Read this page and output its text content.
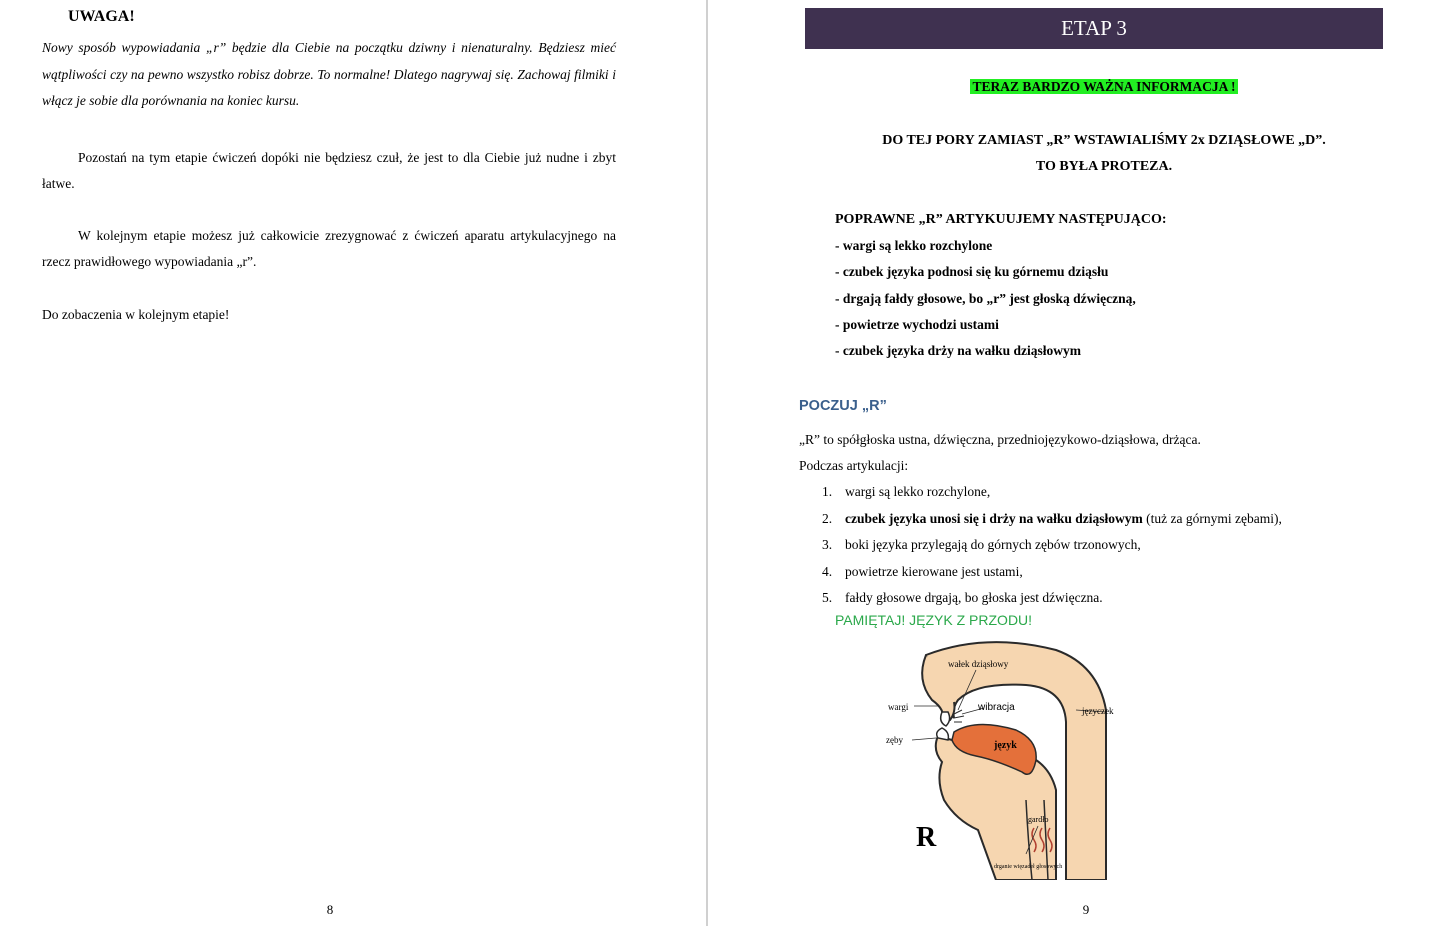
UWAGA!
Nowy sposób wypowiadania „r” będzie dla Ciebie na początku dziwny i nienaturalny. Będziesz mieć wątpliwości czy na pewno wszystko robisz dobrze. To normalne! Dlatego nagrywaj się. Zachowaj filmiki i włącz je sobie dla porównania na koniec kursu.
Pozostań na tym etapie ćwiczeń dopóki nie będziesz czuł, że jest to dla Ciebie już nudne i zbyt łatwe.
W kolejnym etapie możesz już całkowicie zrezygnować z ćwiczeń aparatu artykulacyjnego na rzecz prawidłowego wypowiadania „r”.
Do zobaczenia w kolejnym etapie!
8
ETAP 3
TERAZ BARDZO WAŻNA INFORMACJA !
DO TEJ PORY ZAMIAST „R” WSTAWIALIŚMY 2x DZIĄSŁOWE „D”.
TO BYŁA PROTEZA.
POPRAWNE „R” ARTYKUUJEMY NASTĘPUJĄCO:
- wargi są lekko rozchylone
- czubek języka podnosi się ku górnemu dziąsłu
- drgają fałdy głosowe, bo „r” jest głoską dźwięczną,
- powietrze wychodzi ustami
- czubek języka drży na wałku dziąsłowym
POCZUJ „R”
„R” to spółgłoska ustna, dźwięczna, przedniojęzykowo-dziąsłowa, drżąca.
Podczas artykulacji:
1. wargi są lekko rozchylone,
2. czubek języka unosi się i drży na wałku dziąsłowym (tuż za górnymi zębami),
3. boki języka przylegają do górnych zębów trzonowych,
4. powietrze kierowane jest ustami,
5. fałdy głosowe drgają, bo głoska jest dźwięczna.
PAMIĘTAJ! JĘZYK Z PRZODU!
wałek dziąsłowy
wargi	wibracja	języczek
zęby	język
gardło
drganie więzadeł głosowych
R
9
